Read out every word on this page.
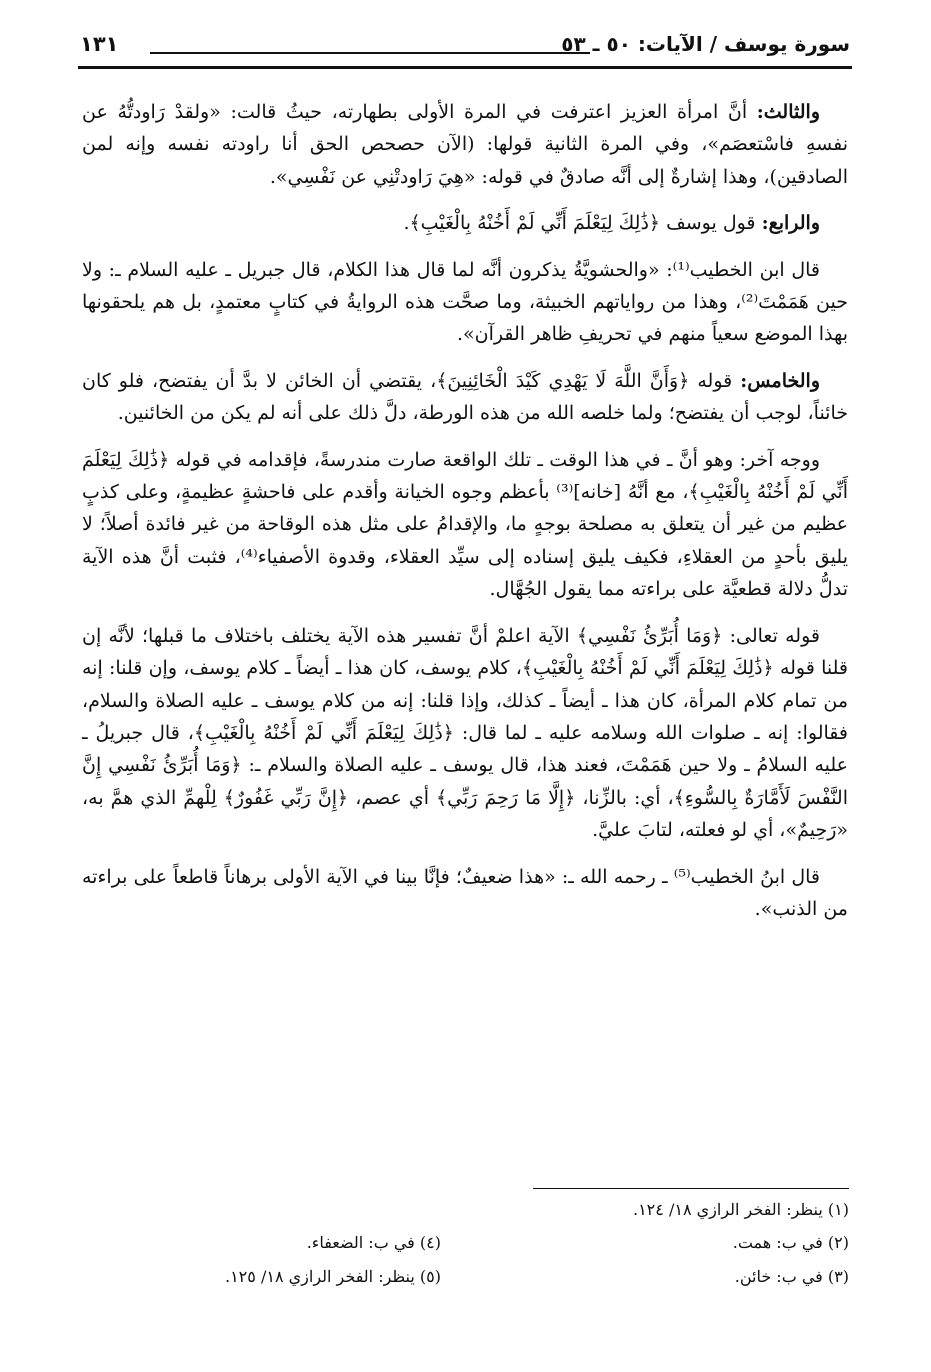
سورة يوسف / الآيات: ٥٠ ـ ٥٣
١٣١

والثالث: أنَّ امرأة العزيز اعترفت في المرة الأولى بطهارته، حيثُ قالت: «ولقدْ رَاودتُّهُ عن نفسهِ فاسْتعصَم»، وفي المرة الثانية قولها: (الآن حصحص الحق أنا راودته نفسه وإنه لمن الصادقين)، وهذا إشارةٌ إلى أنَّه صادقٌ في قوله: «هِيَ رَاودتْنِي عن نَفْسِي».

والرابع: قول يوسف ﴿ذَٰلِكَ لِيَعْلَمَ أَنِّي لَمْ أَخُنْهُ بِالْغَيْبِ﴾.

قال ابن الخطيب⁽¹⁾: «والحشويَّةُ يذكرون أنَّه لما قال هذا الكلام، قال جبريل ـ عليه السلام ـ: ولا حين هَمَمْتَ⁽²⁾، وهذا من رواياتهم الخبيثة، وما صحَّت هذه الروايةُ في كتابٍ معتمدٍ، بل هم يلحقونها بهذا الموضع سعياً منهم في تحريفِ ظاهر القرآن».

والخامس: قوله ﴿وَأَنَّ اللَّهَ لَا يَهْدِي كَيْدَ الْخَائِنِينَ﴾، يقتضي أن الخائن لا بدَّ أن يفتضح، فلو كان خائناً، لوجب أن يفتضح؛ ولما خلصه الله من هذه الورطة، دلَّ ذلك على أنه لم يكن من الخائنين.

ووجه آخر: وهو أنَّ ـ في هذا الوقت ـ تلك الواقعة صارت مندرسةً، فإقدامه في قوله ﴿ذَٰلِكَ لِيَعْلَمَ أَنِّي لَمْ أَخُنْهُ بِالْغَيْبِ﴾، مع أنَّهُ [خانه]⁽³⁾ بأعظم وجوه الخيانة وأقدم على فاحشةٍ عظيمةٍ، وعلى كذبٍ عظيم من غير أن يتعلق به مصلحة بوجهٍ ما، والإقدامُ على مثل هذه الوقاحة من غير فائدة أصلاً؛ لا يليق بأحدٍ من العقلاءِ، فكيف يليق إسناده إلى سيِّد العقلاء، وقدوة الأصفياء⁽⁴⁾، فثبت أنَّ هذه الآية تدلُّ دلالة قطعيَّة على براءته مما يقول الجُهَّال.

قوله تعالى: ﴿وَمَا أُبَرِّئُ نَفْسِي﴾ الآية اعلمْ أنَّ تفسير هذه الآية يختلف باختلاف ما قبلها؛ لأنَّه إن قلنا قوله ﴿ذَٰلِكَ لِيَعْلَمَ أَنِّي لَمْ أَخُنْهُ بِالْغَيْبِ﴾، كلام يوسف، كان هذا ـ أيضاً ـ كلام يوسف، وإن قلنا: إنه من تمام كلام المرأة، كان هذا ـ أيضاً ـ كذلك، وإذا قلنا: إنه من كلام يوسف ـ عليه الصلاة والسلام، فقالوا: إنه ـ صلوات الله وسلامه عليه ـ لما قال: ﴿ذَٰلِكَ لِيَعْلَمَ أَنِّي لَمْ أَخُنْهُ بِالْغَيْبِ﴾، قال جبريلُ ـ عليه السلامُ ـ ولا حين هَمَمْتَ، فعند هذا، قال يوسف ـ عليه الصلاة والسلام ـ: ﴿وَمَا أُبَرِّئُ نَفْسِي إِنَّ النَّفْسَ لَأَمَّارَةٌ بِالسُّوءِ﴾، أي: بالزِّنا، ﴿إِلَّا مَا رَحِمَ رَبِّي﴾ أي عصم، ﴿إِنَّ رَبِّي غَفُورٌ﴾ لِلْهمِّ الذي همَّ به، «رَحِيمٌ»، أي لو فعلته، لتابَ عليَّ.

قال ابنُ الخطيب⁽⁵⁾ ـ رحمه الله ـ: «هذا ضعيفٌ؛ فإنَّا بينا في الآية الأولى برهاناً قاطعاً على براءته من الذنب».

(١) ينظر: الفخر الرازي ١٨/ ١٢٤.
(٢) في ب: همت.
(٣) في ب: خائن.
(٤) في ب: الضعفاء.
(٥) ينظر: الفخر الرازي ١٨/ ١٢٥.
